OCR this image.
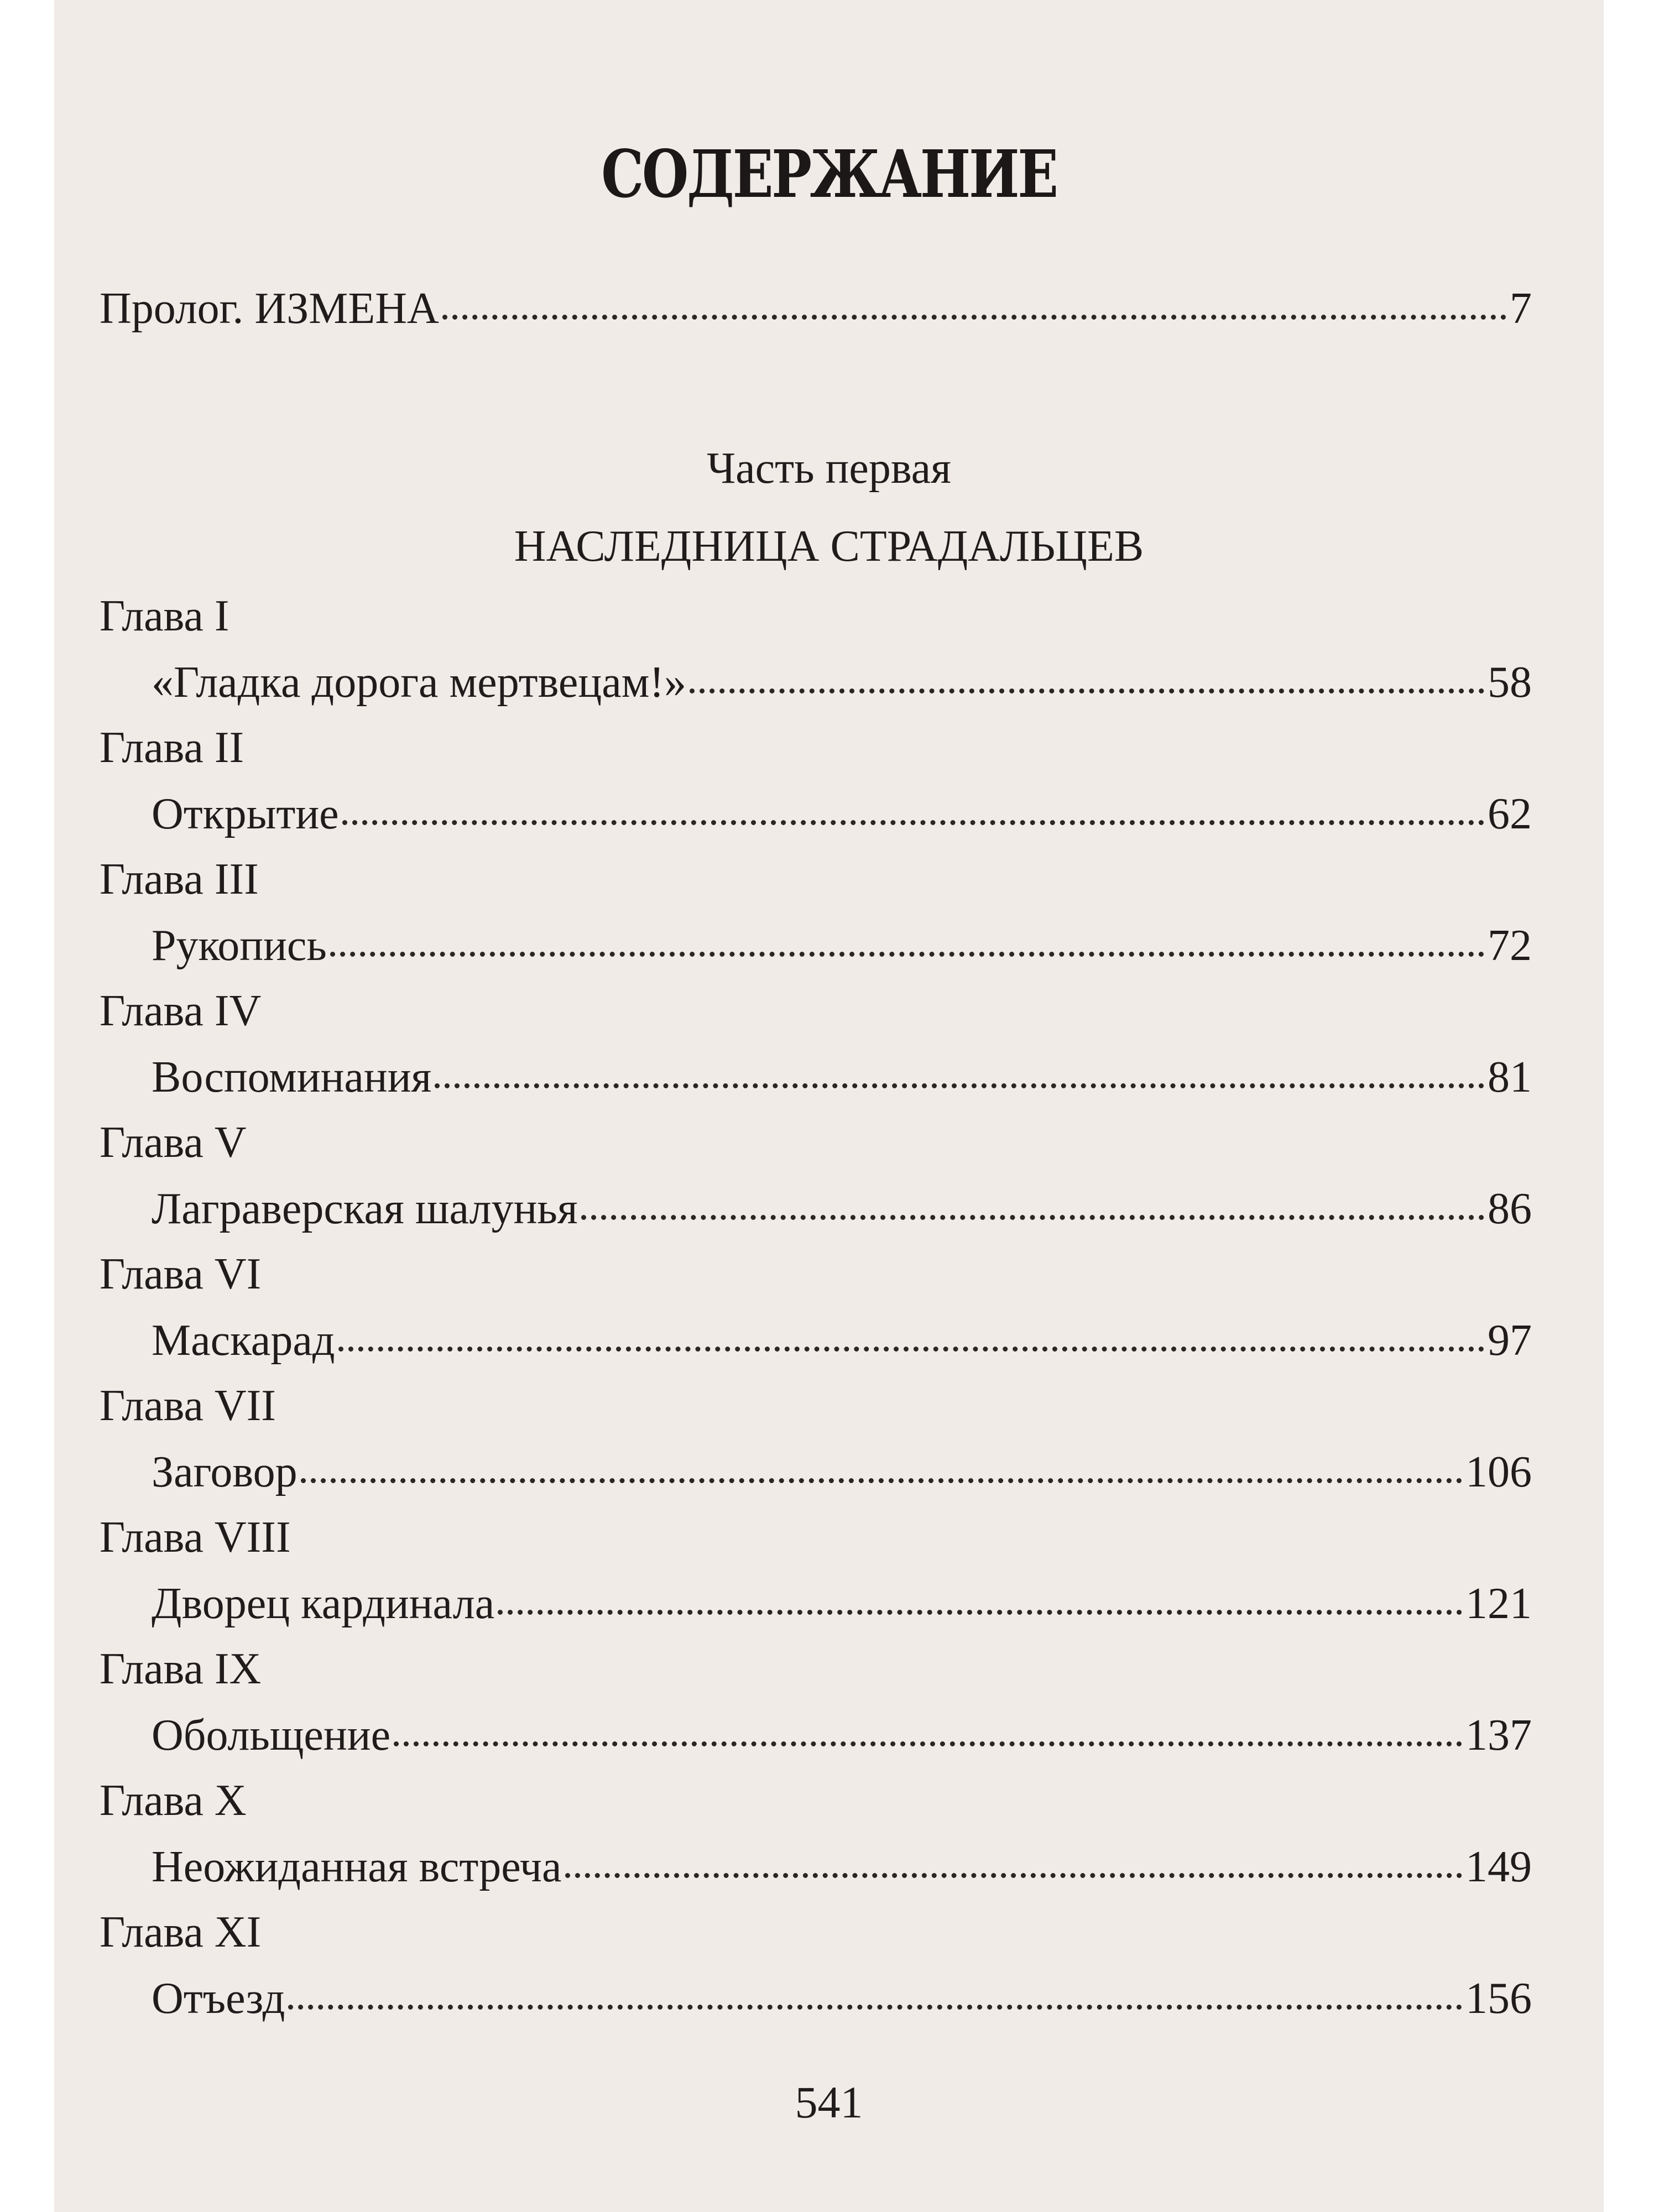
СОДЕРЖАНИЕ
Пролог. ИЗМЕНА	7
Часть первая
НАСЛЕДНИЦА СТРАДАЛЬЦЕВ
Глава I
«Гладка дорога мертвецам!»	58
Глава II
Открытие	62
Глава III
Рукопись	72
Глава IV
Воспоминания	81
Глава V
Лагравeрская шалунья	86
Глава VI
Маскарад	97
Глава VII
Заговор	106
Глава VIII
Дворец кардинала	121
Глава IX
Обольщение	137
Глава X
Неожиданная встреча	149
Глава XI
Отъезд	156
541
